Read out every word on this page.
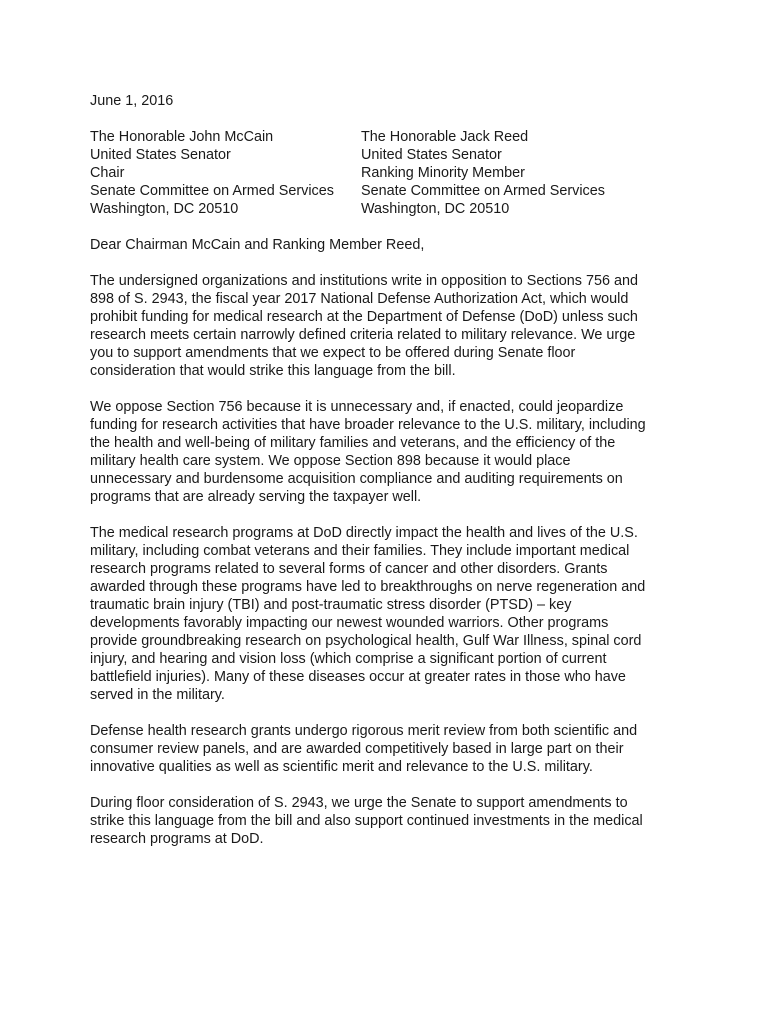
June 1, 2016
The Honorable John McCain
United States Senator
Chair
Senate Committee on Armed Services
Washington, DC 20510
The Honorable Jack Reed
United States Senator
Ranking Minority Member
Senate Committee on Armed Services
Washington, DC 20510
Dear Chairman McCain and Ranking Member Reed,
The undersigned organizations and institutions write in opposition to Sections 756 and
898 of S. 2943, the fiscal year 2017 National Defense Authorization Act, which would
prohibit funding for medical research at the Department of Defense (DoD) unless such
research meets certain narrowly defined criteria related to military relevance. We urge
you to support amendments that we expect to be offered during Senate floor
consideration that would strike this language from the bill.
We oppose Section 756 because it is unnecessary and, if enacted, could jeopardize
funding for research activities that have broader relevance to the U.S. military, including
the health and well-being of military families and veterans, and the efficiency of the
military health care system. We oppose Section 898 because it would place
unnecessary and burdensome acquisition compliance and auditing requirements on
programs that are already serving the taxpayer well.
The medical research programs at DoD directly impact the health and lives of the U.S.
military, including combat veterans and their families. They include important medical
research programs related to several forms of cancer and other disorders. Grants
awarded through these programs have led to breakthroughs on nerve regeneration and
traumatic brain injury (TBI) and post-traumatic stress disorder (PTSD) – key
developments favorably impacting our newest wounded warriors. Other programs
provide groundbreaking research on psychological health, Gulf War Illness, spinal cord
injury, and hearing and vision loss (which comprise a significant portion of current
battlefield injuries). Many of these diseases occur at greater rates in those who have
served in the military.
Defense health research grants undergo rigorous merit review from both scientific and
consumer review panels, and are awarded competitively based in large part on their
innovative qualities as well as scientific merit and relevance to the U.S. military.
During floor consideration of S. 2943, we urge the Senate to support amendments to
strike this language from the bill and also support continued investments in the medical
research programs at DoD.
